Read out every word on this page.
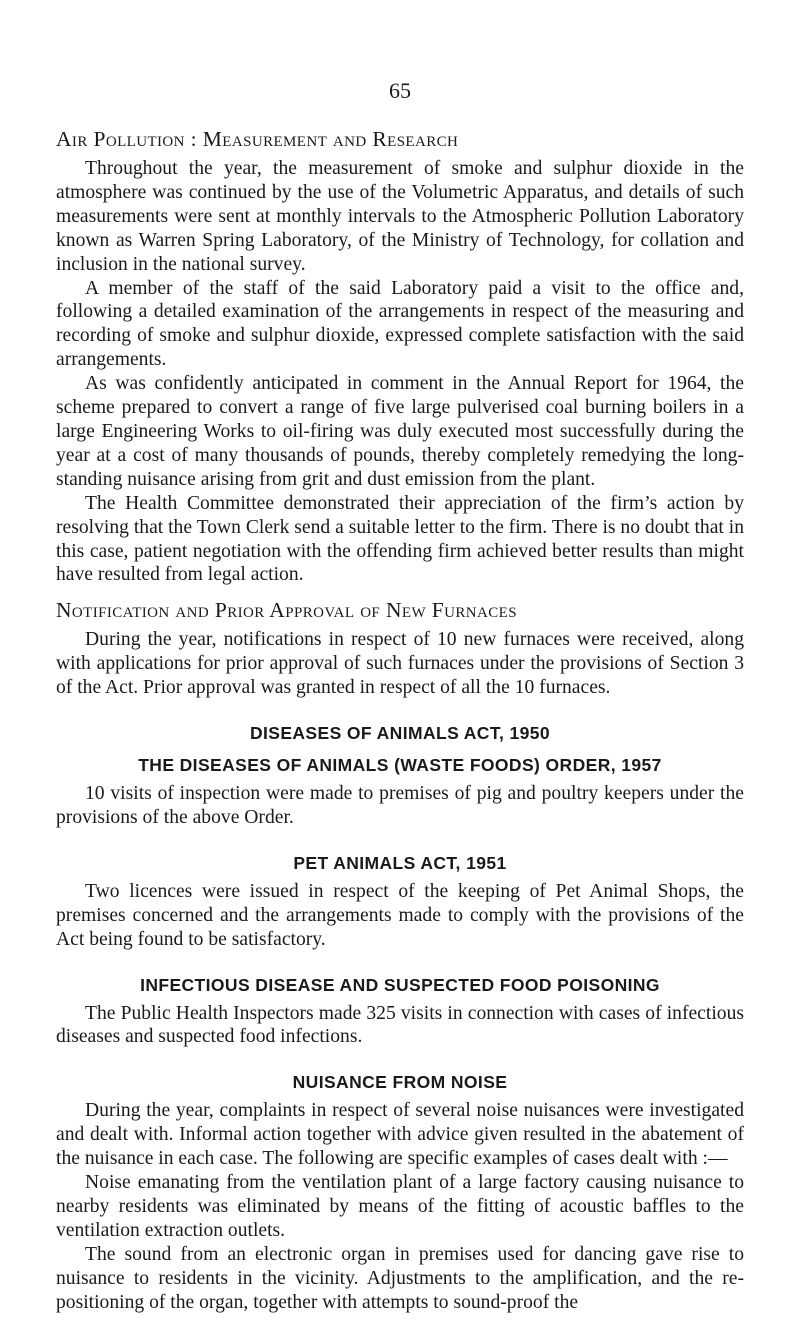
65
Air Pollution : Measurement and Research

Throughout the year, the measurement of smoke and sulphur dioxide in the atmosphere was continued by the use of the Volumetric Apparatus, and details of such measurements were sent at monthly intervals to the Atmospheric Pollution Laboratory known as Warren Spring Laboratory, of the Ministry of Technology, for collation and inclusion in the national survey.

A member of the staff of the said Laboratory paid a visit to the office and, following a detailed examination of the arrangements in respect of the measuring and recording of smoke and sulphur dioxide, expressed complete satisfaction with the said arrangements.

As was confidently anticipated in comment in the Annual Report for 1964, the scheme prepared to convert a range of five large pulverised coal burning boilers in a large Engineering Works to oil-firing was duly executed most successfully during the year at a cost of many thousands of pounds, thereby completely remedying the long-standing nuisance arising from grit and dust emission from the plant.

The Health Committee demonstrated their appreciation of the firm’s action by resolving that the Town Clerk send a suitable letter to the firm. There is no doubt that in this case, patient negotiation with the offending firm achieved better results than might have resulted from legal action.

Notification and Prior Approval of New Furnaces

During the year, notifications in respect of 10 new furnaces were received, along with applications for prior approval of such furnaces under the provisions of Section 3 of the Act. Prior approval was granted in respect of all the 10 furnaces.

DISEASES OF ANIMALS ACT, 1950
THE DISEASES OF ANIMALS (WASTE FOODS) ORDER, 1957

10 visits of inspection were made to premises of pig and poultry keepers under the provisions of the above Order.

PET ANIMALS ACT, 1951

Two licences were issued in respect of the keeping of Pet Animal Shops, the premises concerned and the arrangements made to comply with the provisions of the Act being found to be satisfactory.

INFECTIOUS DISEASE AND SUSPECTED FOOD POISONING

The Public Health Inspectors made 325 visits in connection with cases of infectious diseases and suspected food infections.

NUISANCE FROM NOISE

During the year, complaints in respect of several noise nuisances were investigated and dealt with. Informal action together with advice given resulted in the abatement of the nuisance in each case. The following are specific examples of cases dealt with :—

Noise emanating from the ventilation plant of a large factory causing nuisance to nearby residents was eliminated by means of the fitting of acoustic baffles to the ventilation extraction outlets.

The sound from an electronic organ in premises used for dancing gave rise to nuisance to residents in the vicinity. Adjustments to the amplification, and the re-positioning of the organ, together with attempts to sound-proof the
